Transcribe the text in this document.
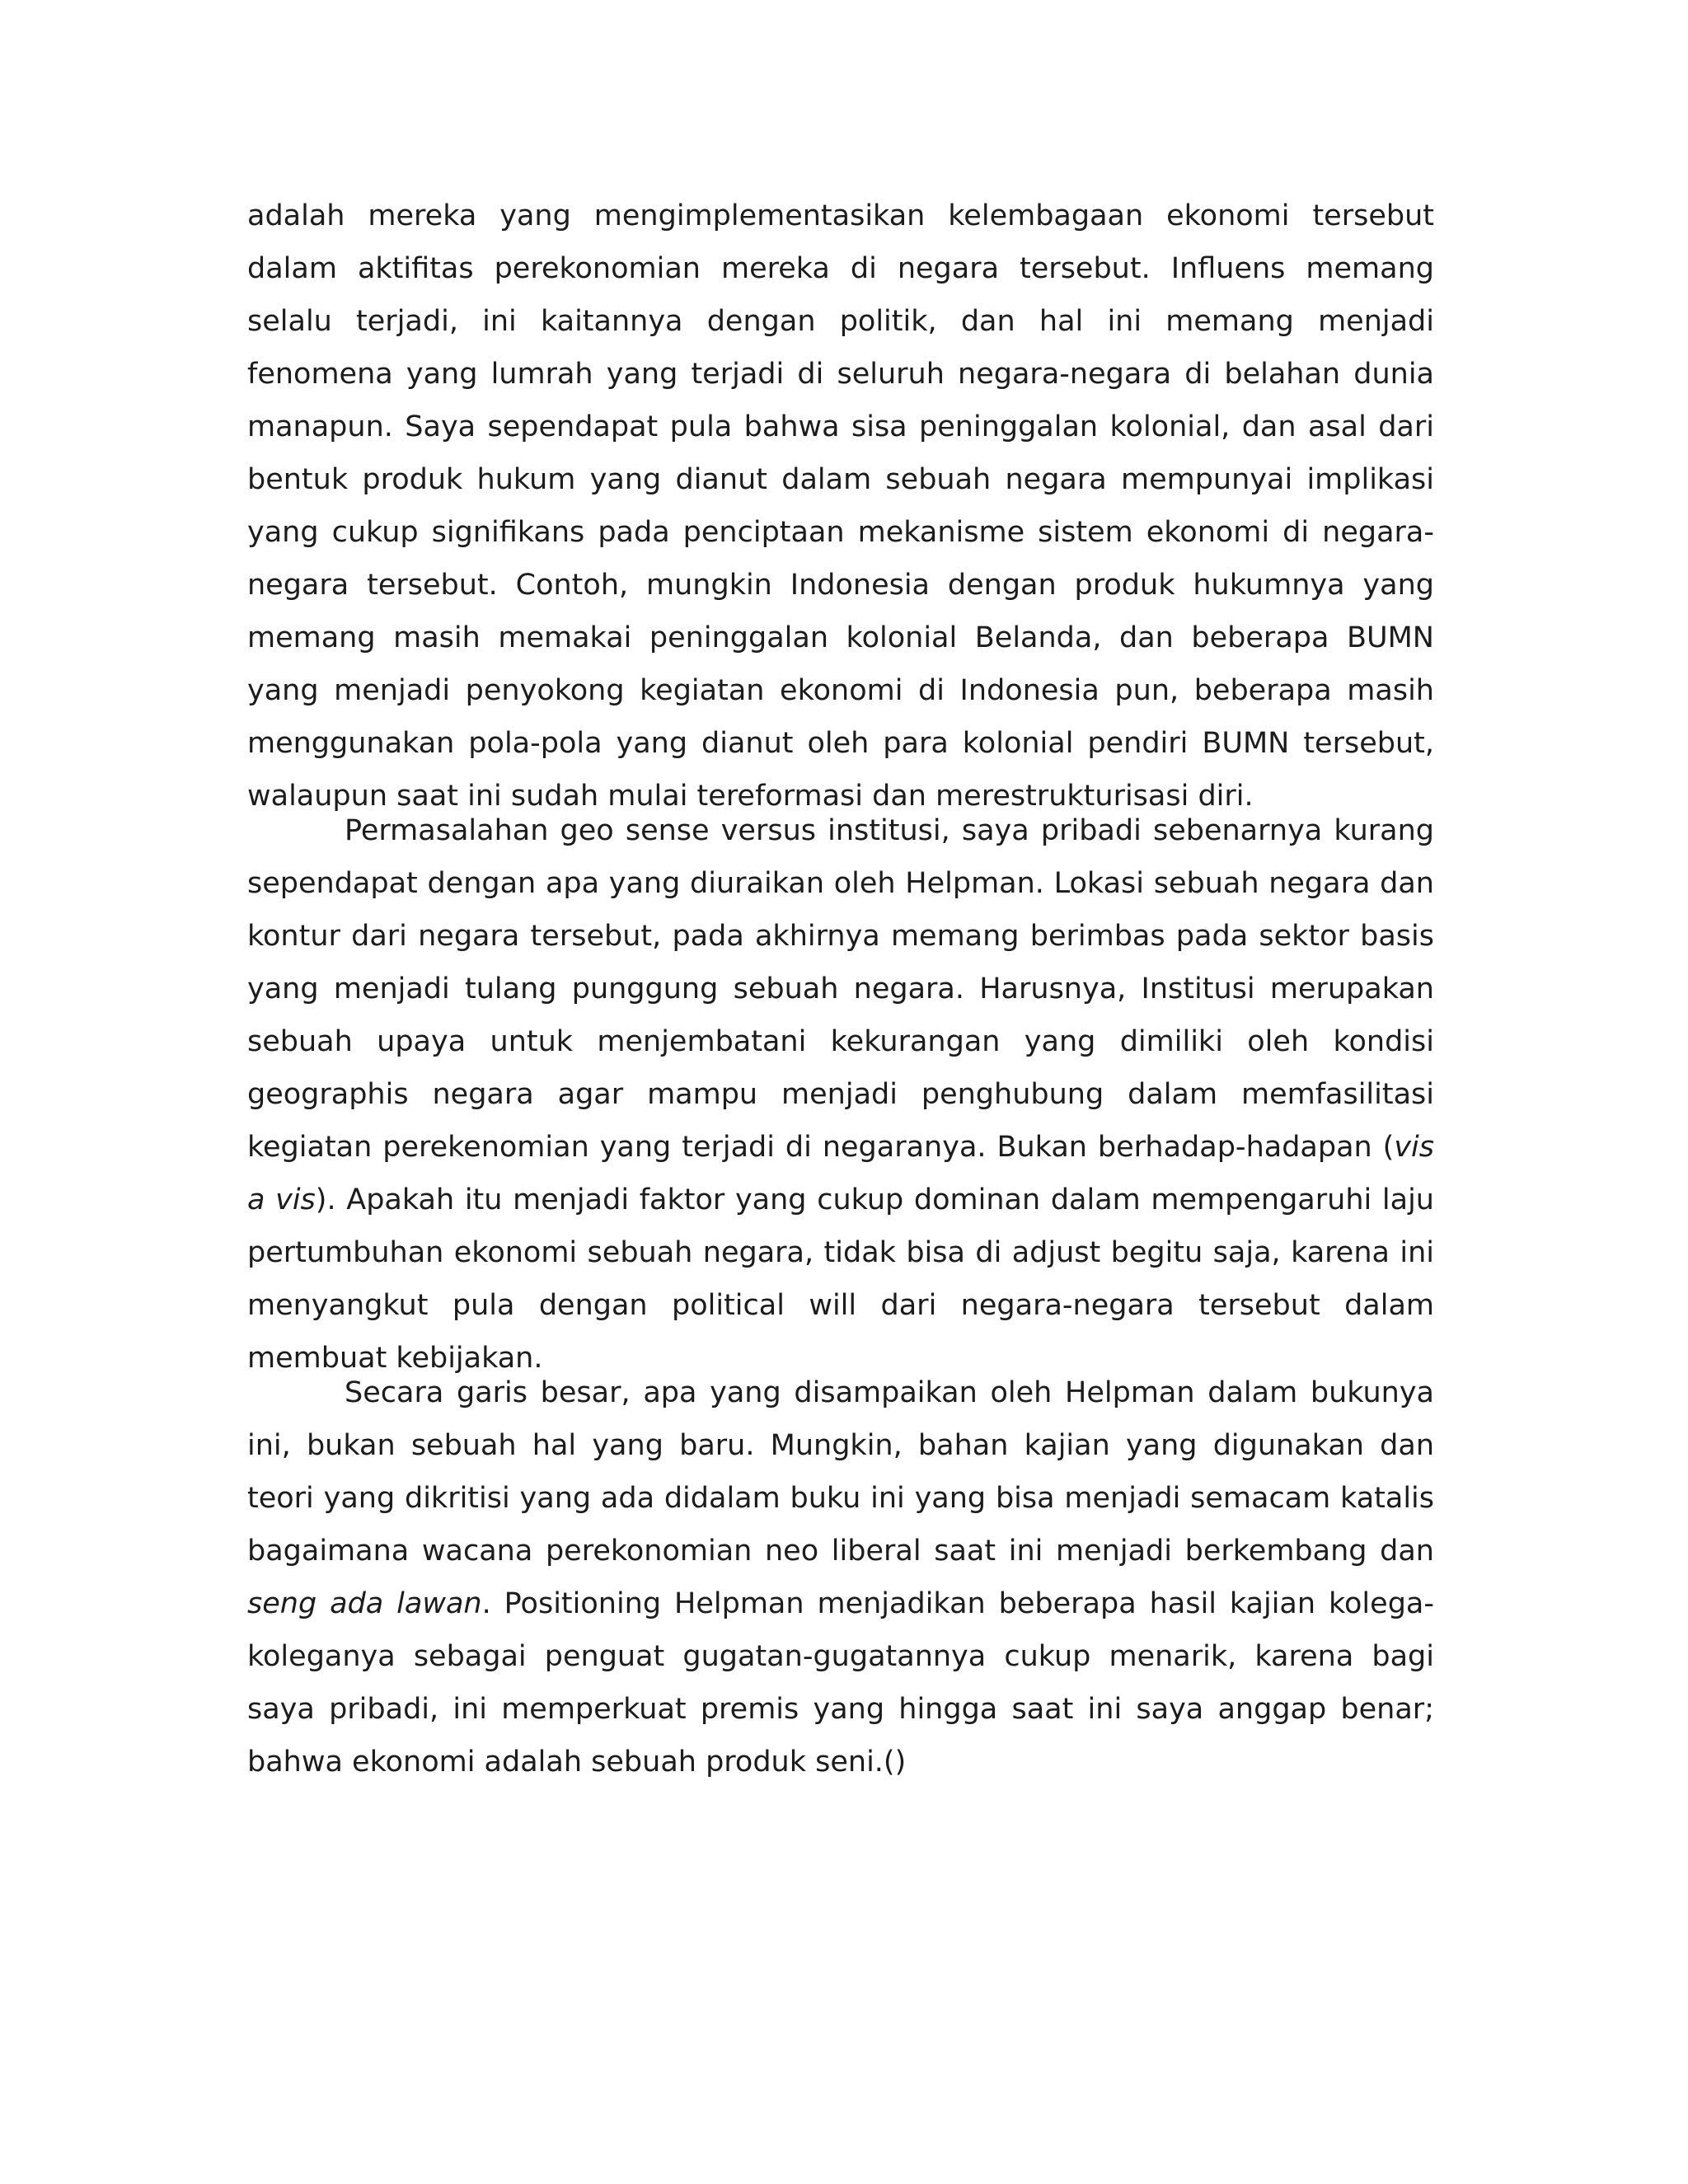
adalah mereka yang mengimplementasikan kelembagaan ekonomi tersebut dalam aktifitas perekonomian mereka di negara tersebut. Influens memang selalu terjadi, ini kaitannya dengan politik, dan hal ini memang menjadi fenomena yang lumrah yang terjadi di seluruh negara-negara di belahan dunia manapun. Saya sependapat pula bahwa sisa peninggalan kolonial, dan asal dari bentuk produk hukum yang dianut dalam sebuah negara mempunyai implikasi yang cukup signifikans pada penciptaan mekanisme sistem ekonomi di negara-negara tersebut. Contoh, mungkin Indonesia dengan produk hukumnya yang memang masih memakai peninggalan kolonial Belanda, dan beberapa BUMN yang menjadi penyokong kegiatan ekonomi di Indonesia pun, beberapa masih menggunakan pola-pola yang dianut oleh para kolonial pendiri BUMN tersebut, walaupun saat ini sudah mulai tereformasi dan merestrukturisasi diri.

Permasalahan geo sense versus institusi, saya pribadi sebenarnya kurang sependapat dengan apa yang diuraikan oleh Helpman. Lokasi sebuah negara dan kontur dari negara tersebut, pada akhirnya memang berimbas pada sektor basis yang menjadi tulang punggung sebuah negara. Harusnya, Institusi merupakan sebuah upaya untuk menjembatani kekurangan yang dimiliki oleh kondisi geographis negara agar mampu menjadi penghubung dalam memfasilitasi kegiatan perekenomian yang terjadi di negaranya. Bukan berhadap-hadapan (vis a vis). Apakah itu menjadi faktor yang cukup dominan dalam mempengaruhi laju pertumbuhan ekonomi sebuah negara, tidak bisa di adjust begitu saja, karena ini menyangkut pula dengan political will dari negara-negara tersebut dalam membuat kebijakan.

Secara garis besar, apa yang disampaikan oleh Helpman dalam bukunya ini, bukan sebuah hal yang baru. Mungkin, bahan kajian yang digunakan dan teori yang dikritisi yang ada didalam buku ini yang bisa menjadi semacam katalis bagaimana wacana perekonomian neo liberal saat ini menjadi berkembang dan seng ada lawan. Positioning Helpman menjadikan beberapa hasil kajian kolega-koleganya sebagai penguat gugatan-gugatannya cukup menarik, karena bagi saya pribadi, ini memperkuat premis yang hingga saat ini saya anggap benar; bahwa ekonomi adalah sebuah produk seni.()
